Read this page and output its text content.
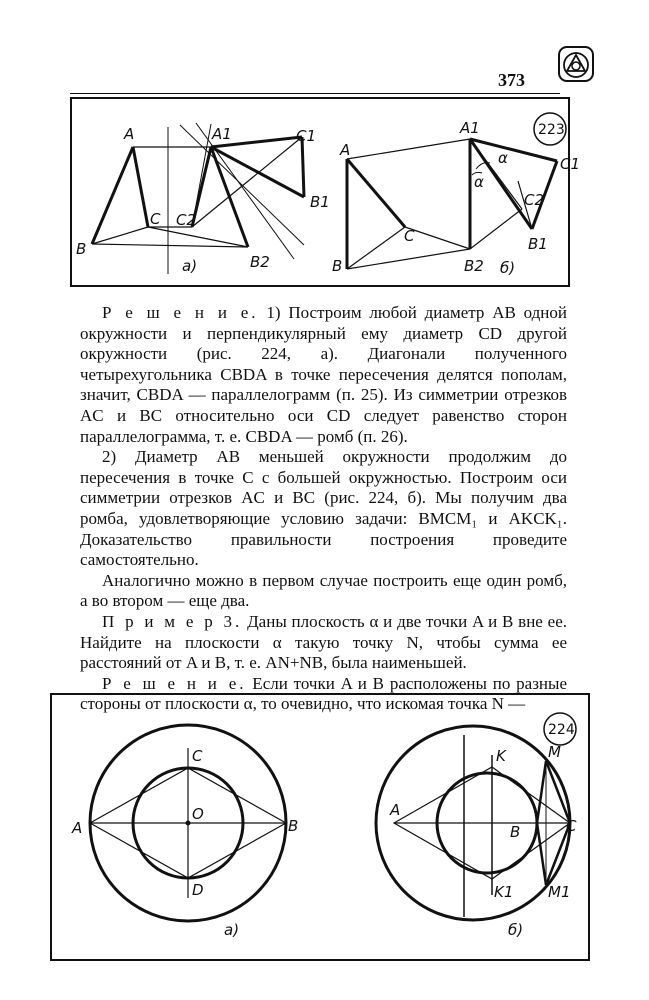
373
A	A1	C1
C C2
B
B1
B2
а)
A
A1
α
α
C
C1
C2
B
B1
B2 б)
223

Р е ш е н и е. 1) Построим любой диаметр AB одной окружности и перпендикулярный ему диаметр CD другой окружности (рис. 224, а). Диагонали полученного четырехугольника CBDA в точке пересечения делятся пополам, значит, CBDA — параллелограмм (п. 25). Из симметрии отрезков AC и BC относительно оси CD следует равенство сторон параллелограмма, т. е. CBDA — ромб (п. 26).

2) Диаметр AB меньшей окружности продолжим до пересечения в точке C с большей окружностью. Построим оси симметрии отрезков AC и BC (рис. 224, б). Мы получим два ромба, удовлетворяющие условию задачи: BMCM₁ и AKCK₁. Доказательство правильности построения проведите самостоятельно.

Аналогично можно в первом случае построить еще один ромб, а во втором — еще два.

П р и м е р 3. Даны плоскость α и две точки A и B вне ее. Найдите на плоскости α такую точку N, чтобы сумма ее расстояний от A и B, т. е. AN+NB, была наименьшей.

Р е ш е н и е. Если точки A и B расположены по разные стороны от плоскости α, то очевидно, что искомая точка N —

C
O
A	B
D
а)
K	M
A
B	C
K1 M1
б)
224
